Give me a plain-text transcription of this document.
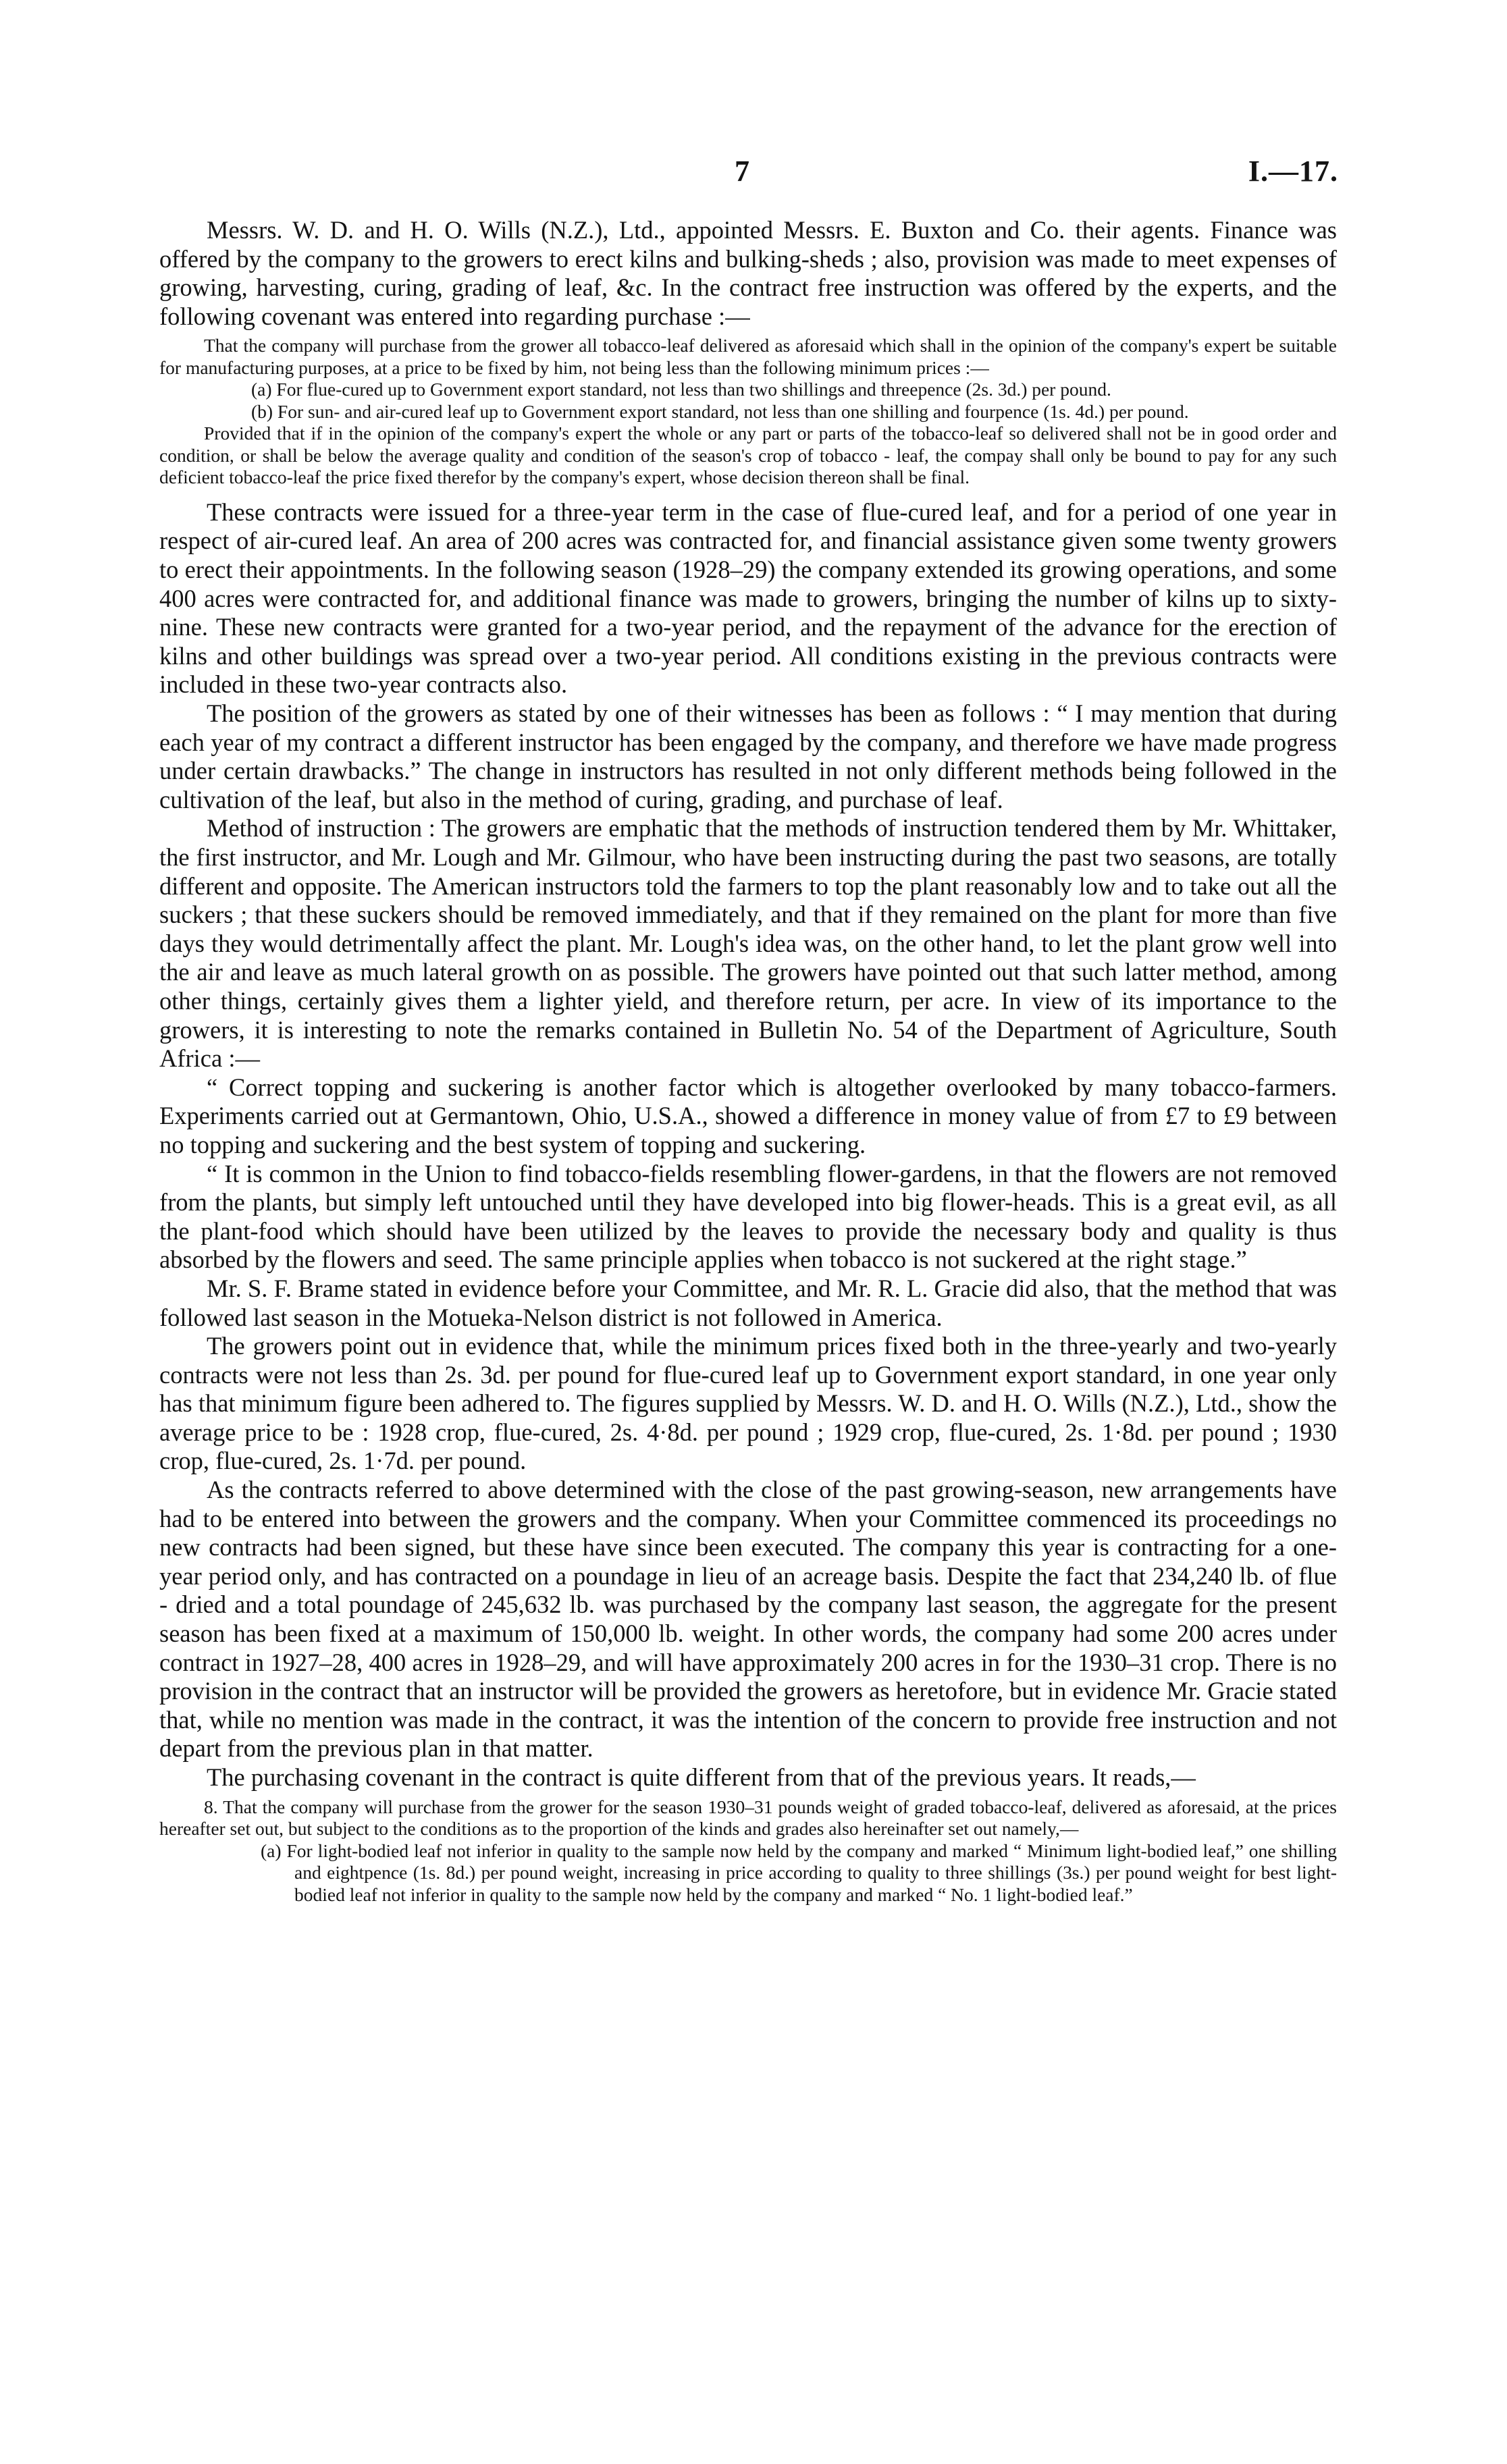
7	I.—17.

Messrs. W. D. and H. O. Wills (N.Z.), Ltd., appointed Messrs. E. Buxton and Co. their agents. Finance was offered by the company to the growers to erect kilns and bulking-sheds ; also, provision was made to meet expenses of growing, harvesting, curing, grading of leaf, &c. In the contract free instruction was offered by the experts, and the following covenant was entered into regarding purchase :—

That the company will purchase from the grower all tobacco-leaf delivered as aforesaid which shall in the opinion of the company's expert be suitable for manufacturing purposes, at a price to be fixed by him, not being less than the following minimum prices :—

(a) For flue-cured up to Government export standard, not less than two shillings and threepence (2s. 3d.) per pound.

(b) For sun- and air-cured leaf up to Government export standard, not less than one shilling and fourpence (1s. 4d.) per pound.

Provided that if in the opinion of the company's expert the whole or any part or parts of the tobacco-leaf so delivered shall not be in good order and condition, or shall be below the average quality and condition of the season's crop of tobacco - leaf, the compay shall only be bound to pay for any such deficient tobacco-leaf the price fixed therefor by the company's expert, whose decision thereon shall be final.

These contracts were issued for a three-year term in the case of flue-cured leaf, and for a period of one year in respect of air-cured leaf. An area of 200 acres was contracted for, and financial assistance given some twenty growers to erect their appointments. In the following season (1928–29) the company extended its growing operations, and some 400 acres were contracted for, and additional finance was made to growers, bringing the number of kilns up to sixty-nine. These new contracts were granted for a two-year period, and the repayment of the advance for the erection of kilns and other buildings was spread over a two-year period. All conditions existing in the previous contracts were included in these two-year contracts also.

The position of the growers as stated by one of their witnesses has been as follows : “ I may mention that during each year of my contract a different instructor has been engaged by the company, and therefore we have made progress under certain drawbacks.” The change in instructors has resulted in not only different methods being followed in the cultivation of the leaf, but also in the method of curing, grading, and purchase of leaf.

Method of instruction : The growers are emphatic that the methods of instruction tendered them by Mr. Whittaker, the first instructor, and Mr. Lough and Mr. Gilmour, who have been instructing during the past two seasons, are totally different and opposite. The American instructors told the farmers to top the plant reasonably low and to take out all the suckers ; that these suckers should be removed immediately, and that if they remained on the plant for more than five days they would detrimentally affect the plant. Mr. Lough's idea was, on the other hand, to let the plant grow well into the air and leave as much lateral growth on as possible. The growers have pointed out that such latter method, among other things, certainly gives them a lighter yield, and therefore return, per acre. In view of its importance to the growers, it is interesting to note the remarks contained in Bulletin No. 54 of the Department of Agriculture, South Africa :—

“ Correct topping and suckering is another factor which is altogether overlooked by many tobacco-farmers. Experiments carried out at Germantown, Ohio, U.S.A., showed a difference in money value of from £7 to £9 between no topping and suckering and the best system of topping and suckering.

“ It is common in the Union to find tobacco-fields resembling flower-gardens, in that the flowers are not removed from the plants, but simply left untouched until they have developed into big flower-heads. This is a great evil, as all the plant-food which should have been utilized by the leaves to provide the necessary body and quality is thus absorbed by the flowers and seed. The same principle applies when tobacco is not suckered at the right stage.”

Mr. S. F. Brame stated in evidence before your Committee, and Mr. R. L. Gracie did also, that the method that was followed last season in the Motueka-Nelson district is not followed in America.

The growers point out in evidence that, while the minimum prices fixed both in the three-yearly and two-yearly contracts were not less than 2s. 3d. per pound for flue-cured leaf up to Government export standard, in one year only has that minimum figure been adhered to. The figures supplied by Messrs. W. D. and H. O. Wills (N.Z.), Ltd., show the average price to be : 1928 crop, flue-cured, 2s. 4·8d. per pound ; 1929 crop, flue-cured, 2s. 1·8d. per pound ; 1930 crop, flue-cured, 2s. 1·7d. per pound.

As the contracts referred to above determined with the close of the past growing-season, new arrangements have had to be entered into between the growers and the company. When your Committee commenced its proceedings no new contracts had been signed, but these have since been executed. The company this year is contracting for a one-year period only, and has contracted on a poundage in lieu of an acreage basis. Despite the fact that 234,240 lb. of flue - dried and a total poundage of 245,632 lb. was purchased by the company last season, the aggregate for the present season has been fixed at a maximum of 150,000 lb. weight. In other words, the company had some 200 acres under contract in 1927–28, 400 acres in 1928–29, and will have approximately 200 acres in for the 1930–31 crop. There is no provision in the contract that an instructor will be provided the growers as heretofore, but in evidence Mr. Gracie stated that, while no mention was made in the contract, it was the intention of the concern to provide free instruction and not depart from the previous plan in that matter.

The purchasing covenant in the contract is quite different from that of the previous years. It reads,—

8. That the company will purchase from the grower for the season 1930–31 pounds weight of graded tobacco-leaf, delivered as aforesaid, at the prices hereafter set out, but subject to the conditions as to the proportion of the kinds and grades also hereinafter set out namely,—

(a) For light-bodied leaf not inferior in quality to the sample now held by the company and marked “ Minimum light-bodied leaf,” one shilling and eightpence (1s. 8d.) per pound weight, increasing in price according to quality to three shillings (3s.) per pound weight for best light-bodied leaf not inferior in quality to the sample now held by the company and marked “ No. 1 light-bodied leaf.”
